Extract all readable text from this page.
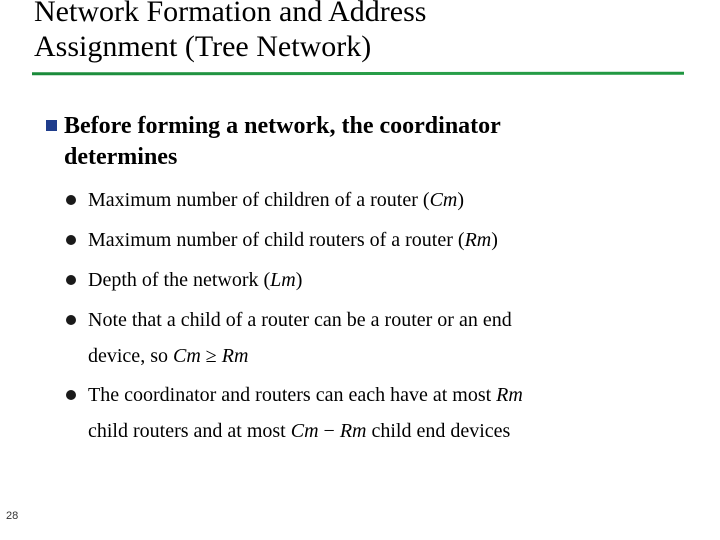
Network Formation and Address
Assignment (Tree Network)
Before forming a network, the coordinator
determines
Maximum number of children of a router (Cm)
Maximum number of child routers of a router (Rm)
Depth of the network (Lm)
Note that a child of a router can be a router or an end
device, so Cm ≥ Rm
The coordinator and routers can each have at most Rm
child routers and at most Cm − Rm child end devices
28
